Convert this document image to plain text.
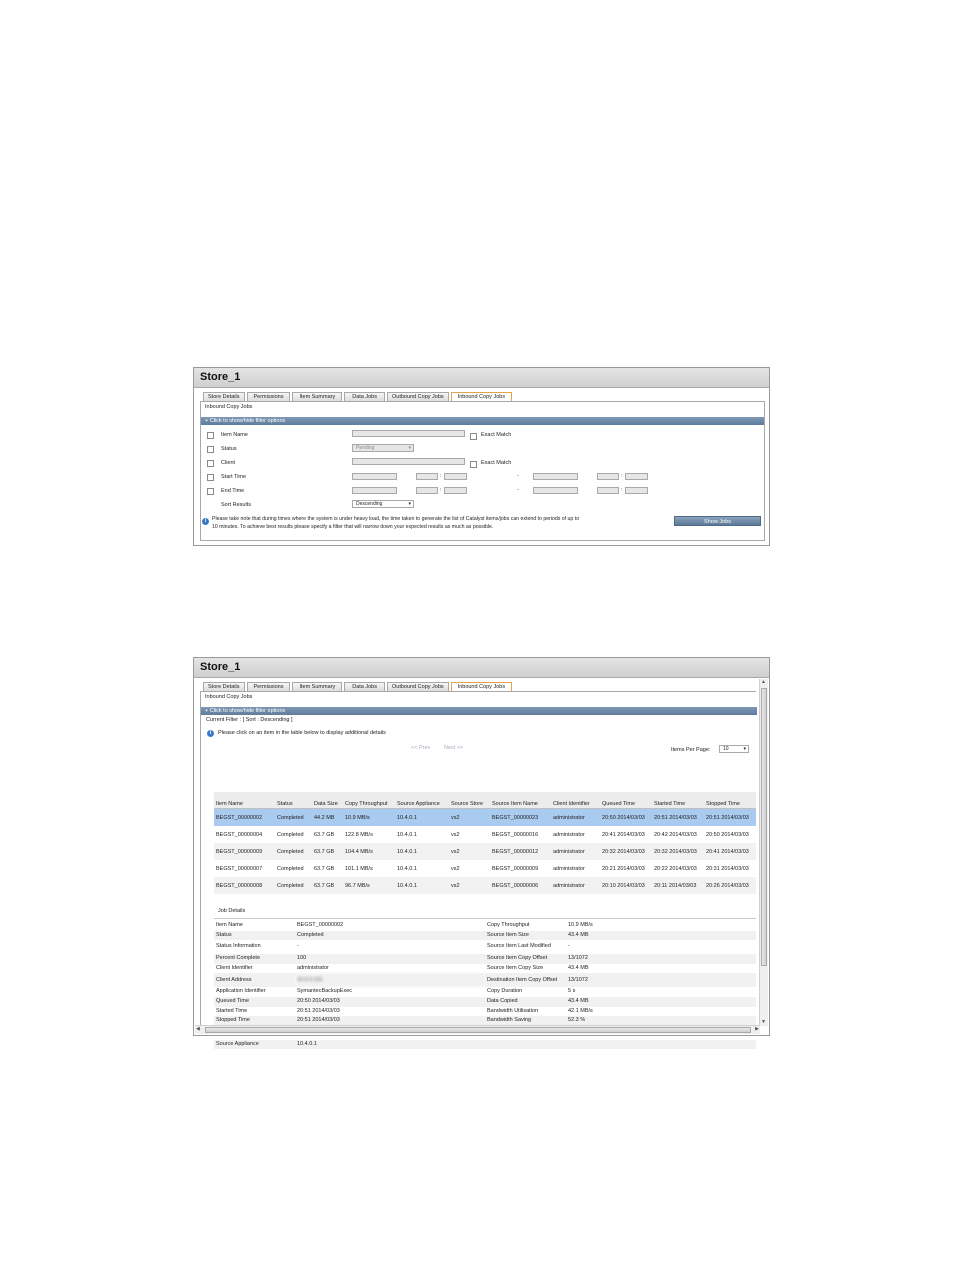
Store_1
Store Details	Permissions	Item Summary	Data Jobs	Outbound Copy Jobs	Inbound Copy Jobs
Inbound Copy Jobs
+ Click to show/hide filter options
Item Name	Exact Match
Status	Pending	▾
Client	Exact Match
Start Time	:	-	:
End Time	:	-	:
Sort Results	Descending	▾
i	Please take note that during times where the system is under heavy load, the time taken to generate the list of Catalyst items/jobs can extend to periods of up to
10 minutes. To achieve best results please specify a filter that will narrow down your expected results as much as possible.
Show Jobs
Store_1
Store Details	Permissions	Item Summary	Data Jobs	Outbound Copy Jobs	Inbound Copy Jobs
Inbound Copy Jobs
+ Click to show/hide filter options
Current Filter : [ Sort : Descending ]
i	Please click on an item in the table below to display additional details
<< Prev Next >>	Items Per Page:	10	▾
Item Name	Status	Data Size	Copy Throughput	Source Appliance	Source Store	Source Item Name	Client Identifier	Queued Time	Started Time	Stopped Time
BEGST_00000002	Completed	44.2 MB	10.9 MB/s	10.4.0.1	vs2	BEGST_00000023	administrator	20:50 2014/03/03	20:51 2014/03/03	20:51 2014/03/03
BEGST_00000004	Completed	63.7 GB	122.8 MB/s	10.4.0.1	vs2	BEGST_00000016	administrator	20:41 2014/03/03	20:42 2014/03/03	20:50 2014/03/03
BEGST_00000009	Completed	63.7 GB	104.4 MB/s	10.4.0.1	vs2	BEGST_00000012	administrator	20:32 2014/03/03	20:32 2014/03/03	20:41 2014/03/03
BEGST_00000007	Completed	63.7 GB	101.1 MB/s	10.4.0.1	vs2	BEGST_00000009	administrator	20:21 2014/03/03	20:22 2014/03/03	20:31 2014/03/03
BEGST_00000008	Completed	63.7 GB	96.7 MB/s	10.4.0.1	vs2	BEGST_00000006	administrator	20:10 2014/03/03	20:11 2014/03/03	20:26 2014/03/03
Job Details
Item Name	BEGST_00000002	Copy Throughput	10.9 MB/s
Status	Completed	Source Item Size	43.4 MB
Status Information	-	Source Item Last Modified	-
Percent Complete	100	Source Item Copy Offset	13/1072
Client Identifier	administrator	Source Item Copy Size	43.4 MB
Client Address	10.0.0.101	Destination Item Copy Offset	13/1072
Application Identifier	SymantecBackupExec	Copy Duration	5 s
Queued Time	20:50 2014/03/03	Data Copied	43.4 MB
Started Time	20:51 2014/03/03	Bandwidth Utilisation	42.1 MB/s
Stopped Time	20:51 2014/03/03	Bandwidth Saving	52.3 %

Source Appliance	10.4.0.1		
▲
▼
◀	▶
